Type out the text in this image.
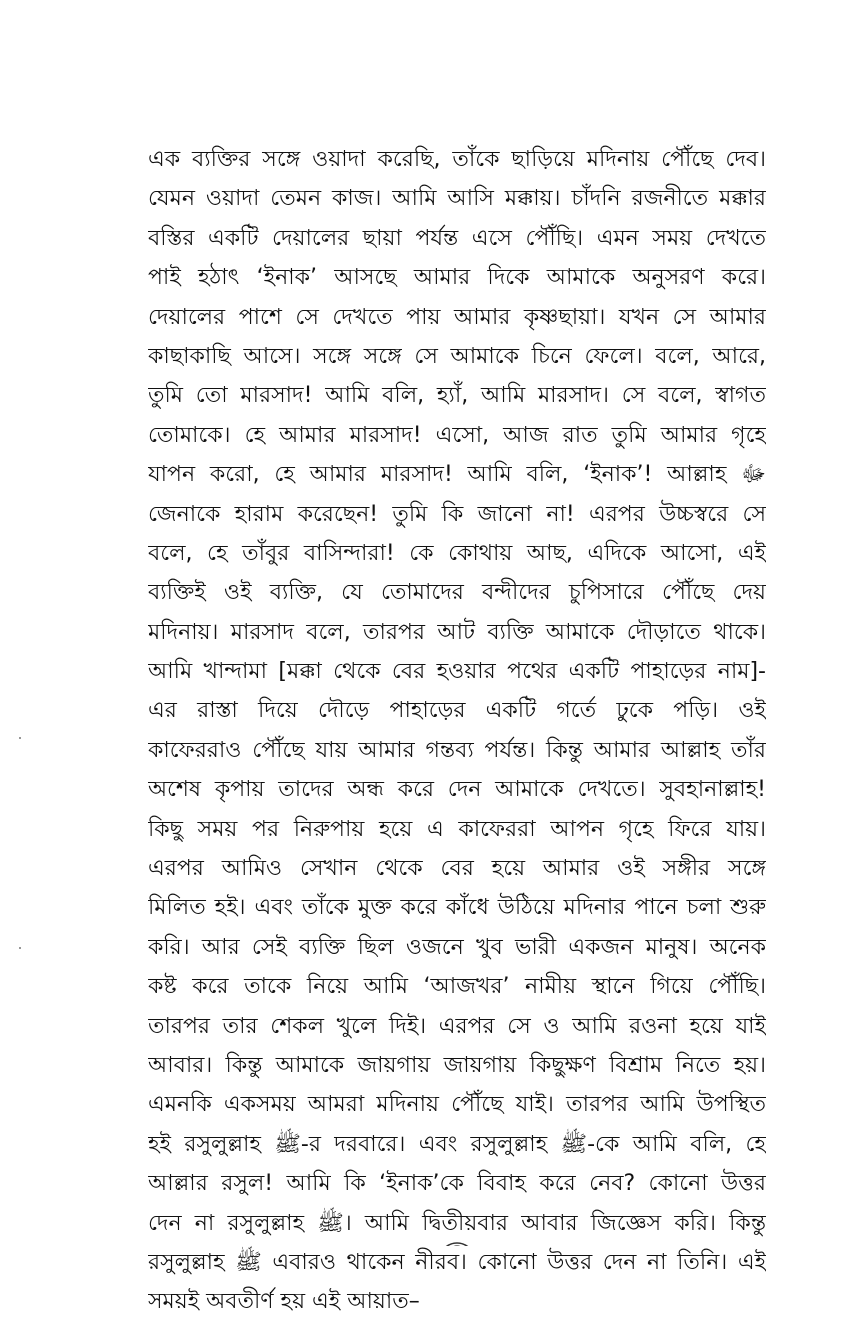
এক ব্যক্তির সঙ্গে ওয়াদা করেছি, তাঁকে ছাড়িয়ে মদিনায় পৌঁছে দেব।
যেমন ওয়াদা তেমন কাজ। আমি আসি মক্কায়। চাঁদনি রজনীতে মক্কার
বস্তির একটি দেয়ালের ছায়া পর্যন্ত এসে পৌঁছি। এমন সময় দেখতে
পাই হঠাৎ ‘ইনাক’ আসছে আমার দিকে আমাকে অনুসরণ করে।
দেয়ালের পাশে সে দেখতে পায় আমার কৃষ্ণছায়া। যখন সে আমার
কাছাকাছি আসে। সঙ্গে সঙ্গে সে আমাকে চিনে ফেলে। বলে, আরে,
তুমি তো মারসাদ! আমি বলি, হ্যাঁ, আমি মারসাদ। সে বলে, স্বাগত
তোমাকে। হে আমার মারসাদ! এসো, আজ রাত তুমি আমার গৃহে
যাপন করো, হে আমার মারসাদ! আমি বলি, ‘ইনাক’! আল্লাহ ﷻ
জেনাকে হারাম করেছেন! তুমি কি জানো না! এরপর উচ্চস্বরে সে
বলে, হে তাঁবুর বাসিন্দারা! কে কোথায় আছ, এদিকে আসো, এই
ব্যক্তিই ওই ব্যক্তি, যে তোমাদের বন্দীদের চুপিসারে পৌঁছে দেয়
মদিনায়। মারসাদ বলে, তারপর আট ব্যক্তি আমাকে দৌড়াতে থাকে।
আমি খান্দামা [মক্কা থেকে বের হওয়ার পথের একটি পাহাড়ের নাম]-
এর রাস্তা দিয়ে দৌড়ে পাহাড়ের একটি গর্তে ঢুকে পড়ি। ওই
কাফেররাও পৌঁছে যায় আমার গন্তব্য পর্যন্ত। কিন্তু আমার আল্লাহ তাঁর
অশেষ কৃপায় তাদের অন্ধ করে দেন আমাকে দেখতে। সুবহানাল্লাহ!
কিছু সময় পর নিরুপায় হয়ে এ কাফেররা আপন গৃহে ফিরে যায়।
এরপর আমিও সেখান থেকে বের হয়ে আমার ওই সঙ্গীর সঙ্গে
মিলিত হই। এবং তাঁকে মুক্ত করে কাঁধে উঠিয়ে মদিনার পানে চলা শুরু
করি। আর সেই ব্যক্তি ছিল ওজনে খুব ভারী একজন মানুষ। অনেক
কষ্ট করে তাকে নিয়ে আমি ‘আজখর’ নামীয় স্থানে গিয়ে পৌঁছি।
তারপর তার শেকল খুলে দিই। এরপর সে ও আমি রওনা হয়ে যাই
আবার। কিন্তু আমাকে জায়গায় জায়গায় কিছুক্ষণ বিশ্রাম নিতে হয়।
এমনকি একসময় আমরা মদিনায় পৌঁছে যাই। তারপর আমি উপস্থিত
হই রসুলুল্লাহ ﷺ-র দরবারে। এবং রসুলুল্লাহ ﷺ-কে আমি বলি, হে
আল্লার রসুল! আমি কি ‘ইনাক’কে বিবাহ করে নেব? কোনো উত্তর
দেন না রসুলুল্লাহ ﷺ। আমি দ্বিতীয়বার আবার জিজ্ঞেস করি। কিন্তু
রসুলুল্লাহ ﷺ এবারও থাকেন নীরব। কোনো উত্তর দেন না তিনি। এই
সময়ই অবতীর্ণ হয় এই আয়াত–
